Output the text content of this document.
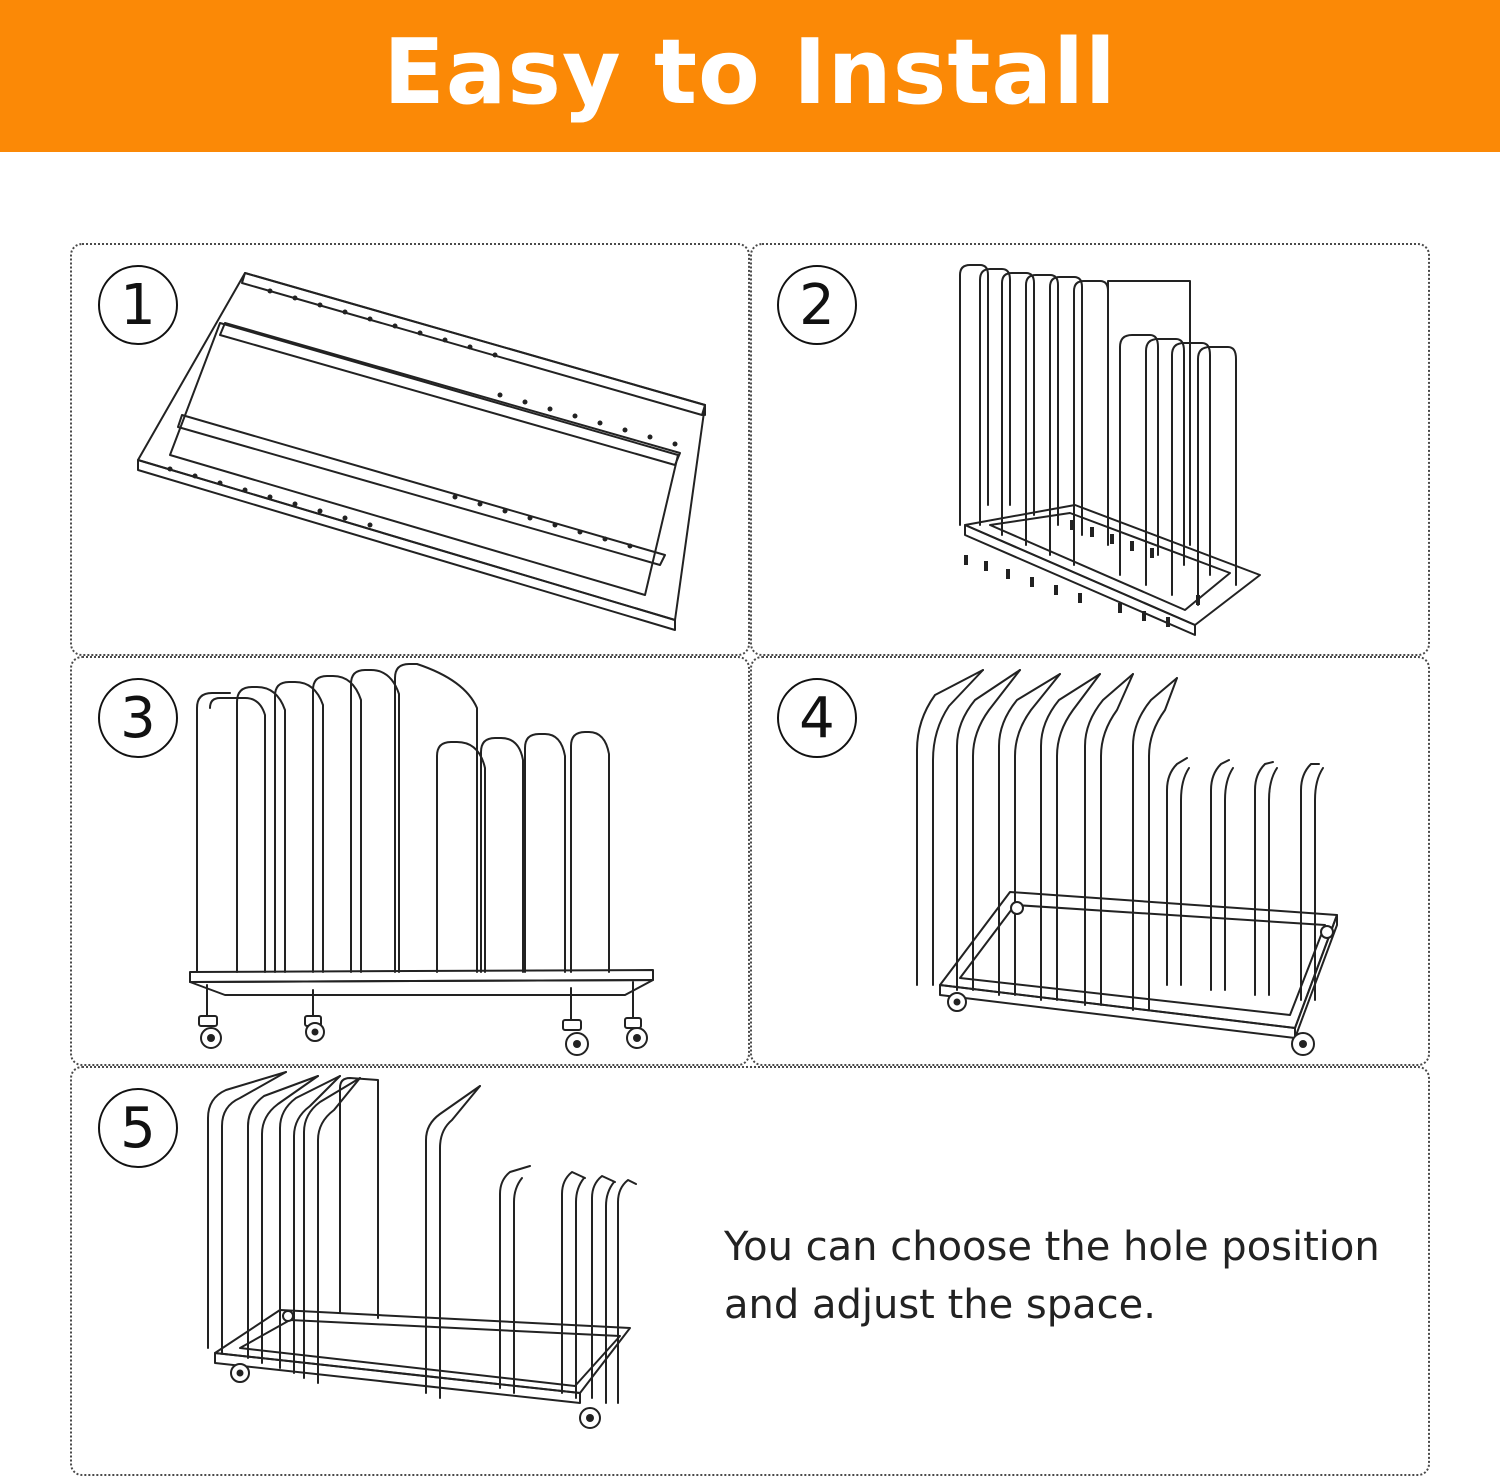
Easy to Install
1	2
3	4
5
You can choose the hole position
and adjust the space.
